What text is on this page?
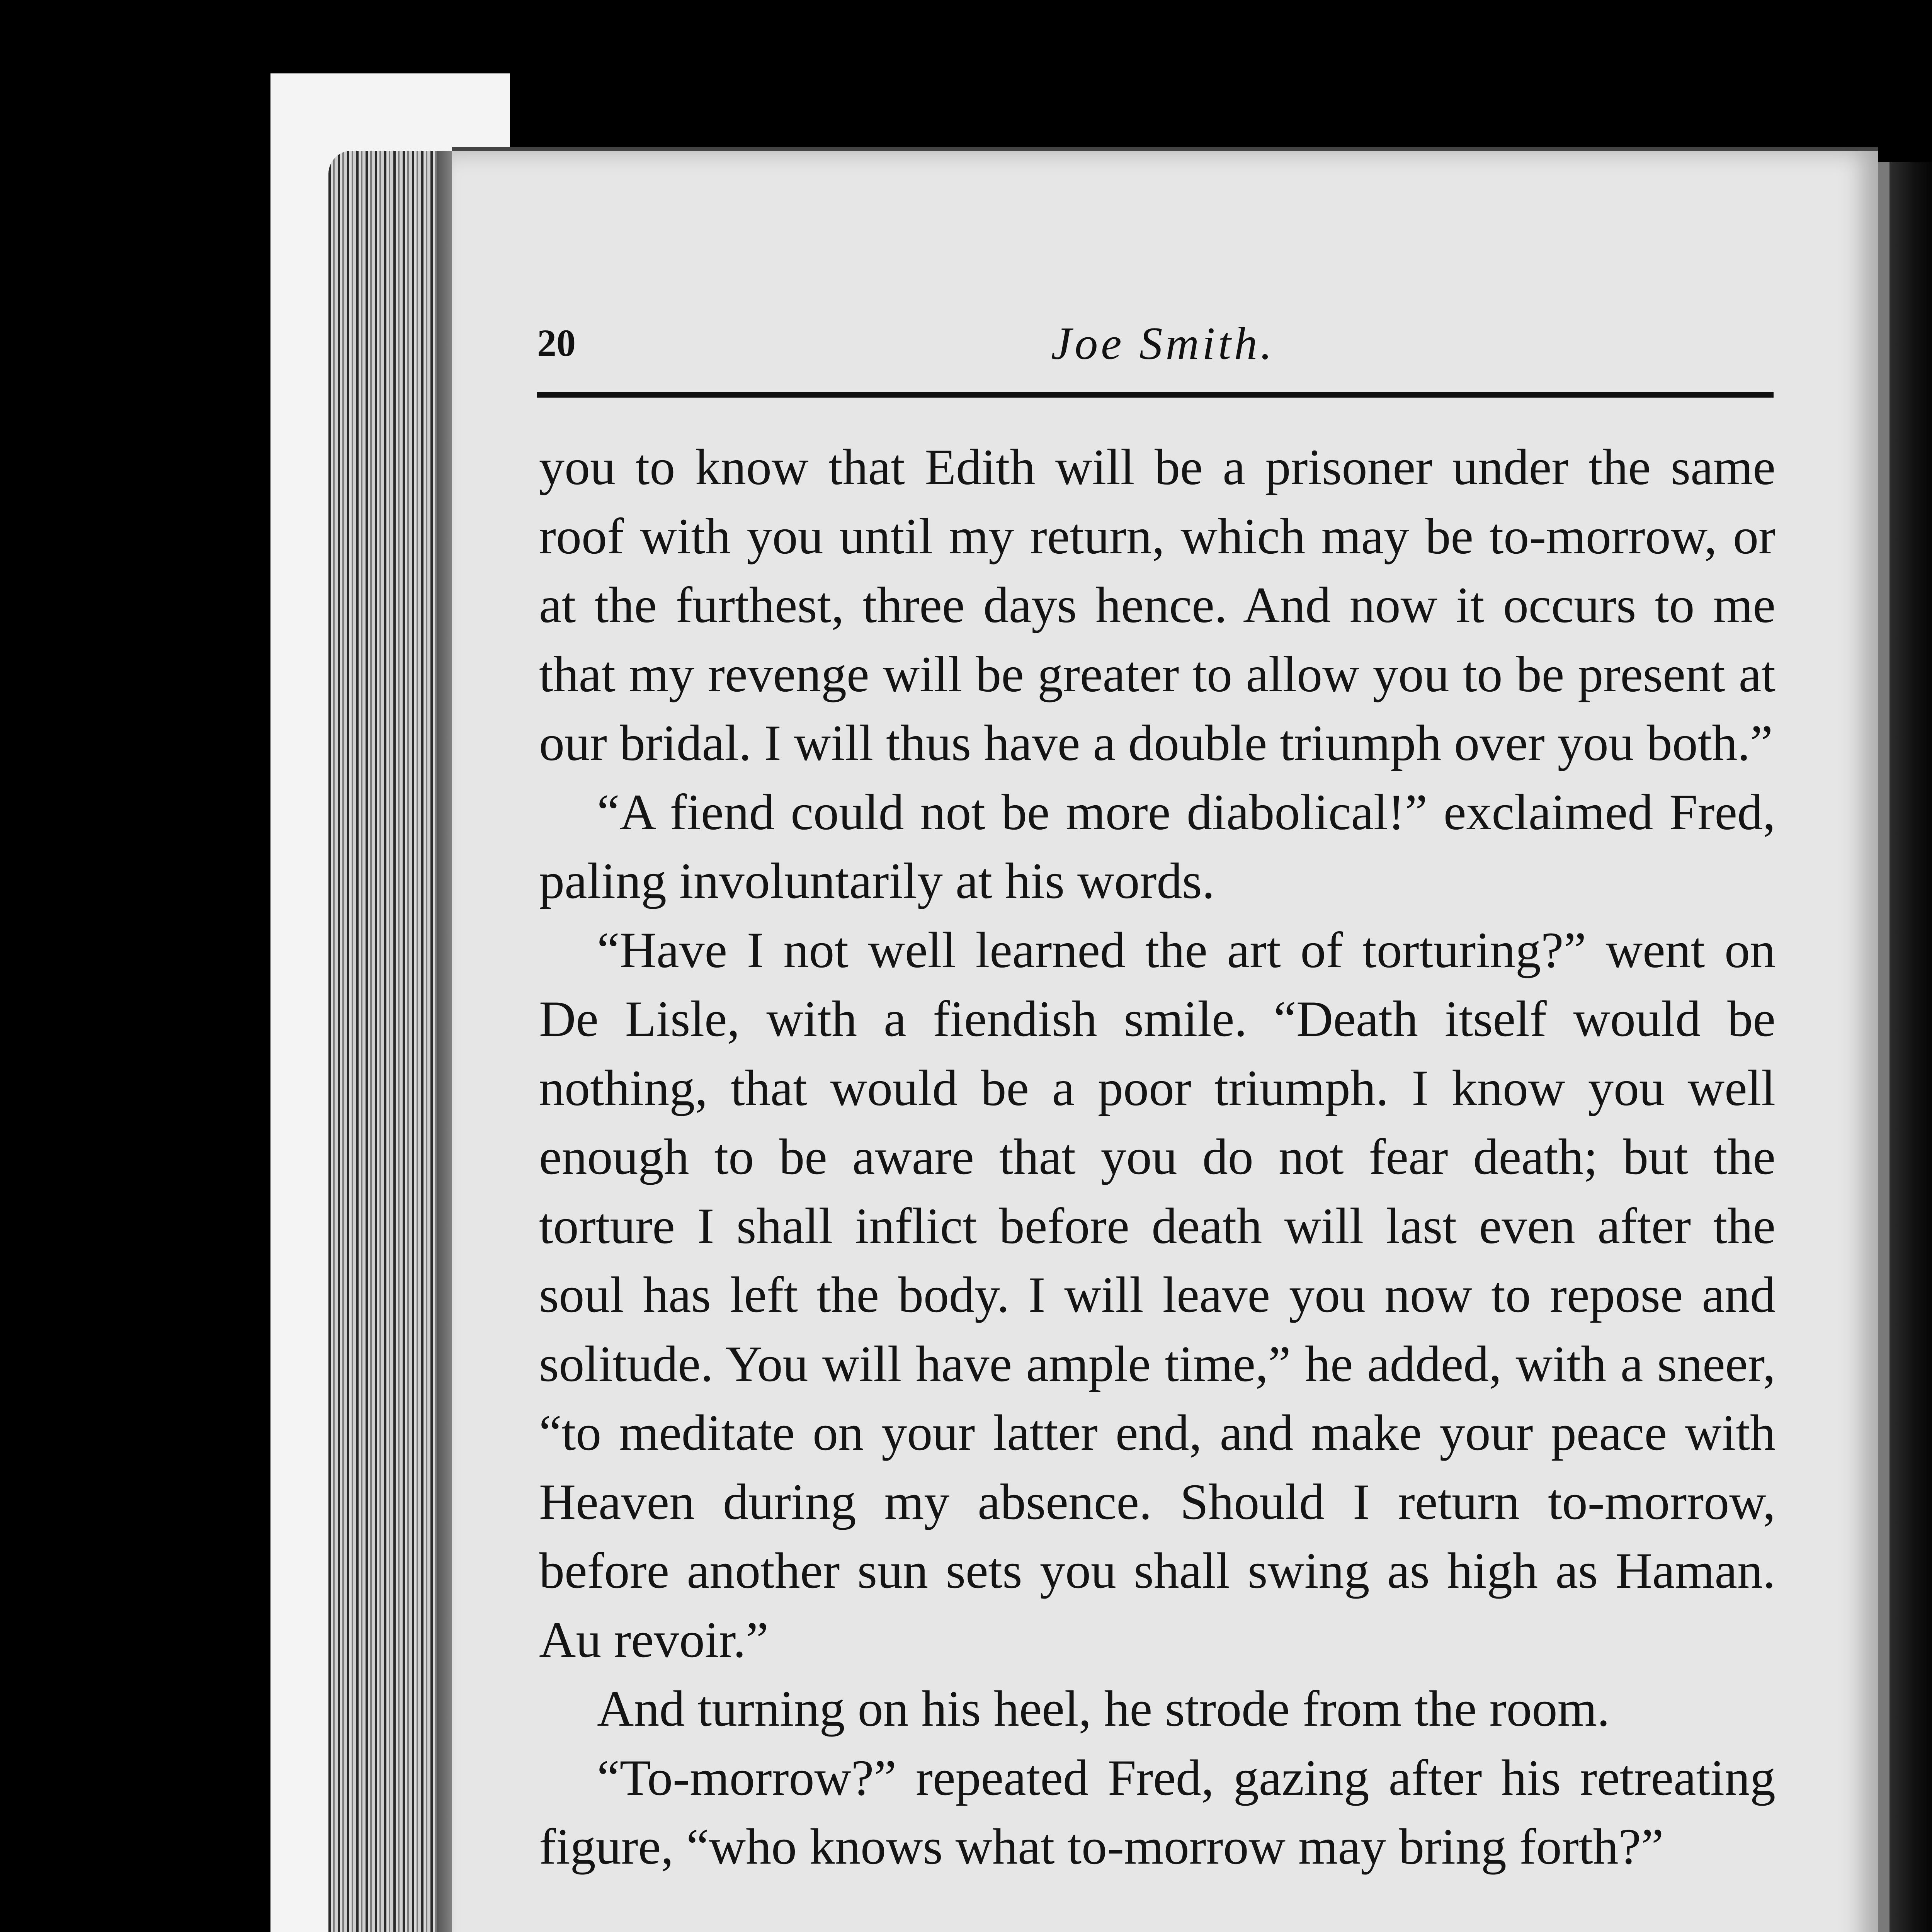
20	Joe Smith.

you to know that Edith will be a prisoner under the same roof with you until my return, which may be to-morrow, or at the furthest, three days hence. And now it occurs to me that my revenge will be greater to allow you to be present at our bridal. I will thus have a double triumph over you both.”

“A fiend could not be more diabolical!” exclaimed Fred, paling involuntarily at his words.

“Have I not well learned the art of torturing?” went on De Lisle, with a fiendish smile. “Death itself would be nothing, that would be a poor triumph. I know you well enough to be aware that you do not fear death; but the torture I shall inflict before death will last even after the soul has left the body. I will leave you now to repose and solitude. You will have ample time,” he added, with a sneer, “to meditate on your latter end, and make your peace with Heaven during my absence. Should I return to-morrow, before another sun sets you shall swing as high as Haman. Au revoir.”

And turning on his heel, he strode from the room.

“To-morrow?” repeated Fred, gazing after his retreating figure, “who knows what to-morrow may bring forth?”
